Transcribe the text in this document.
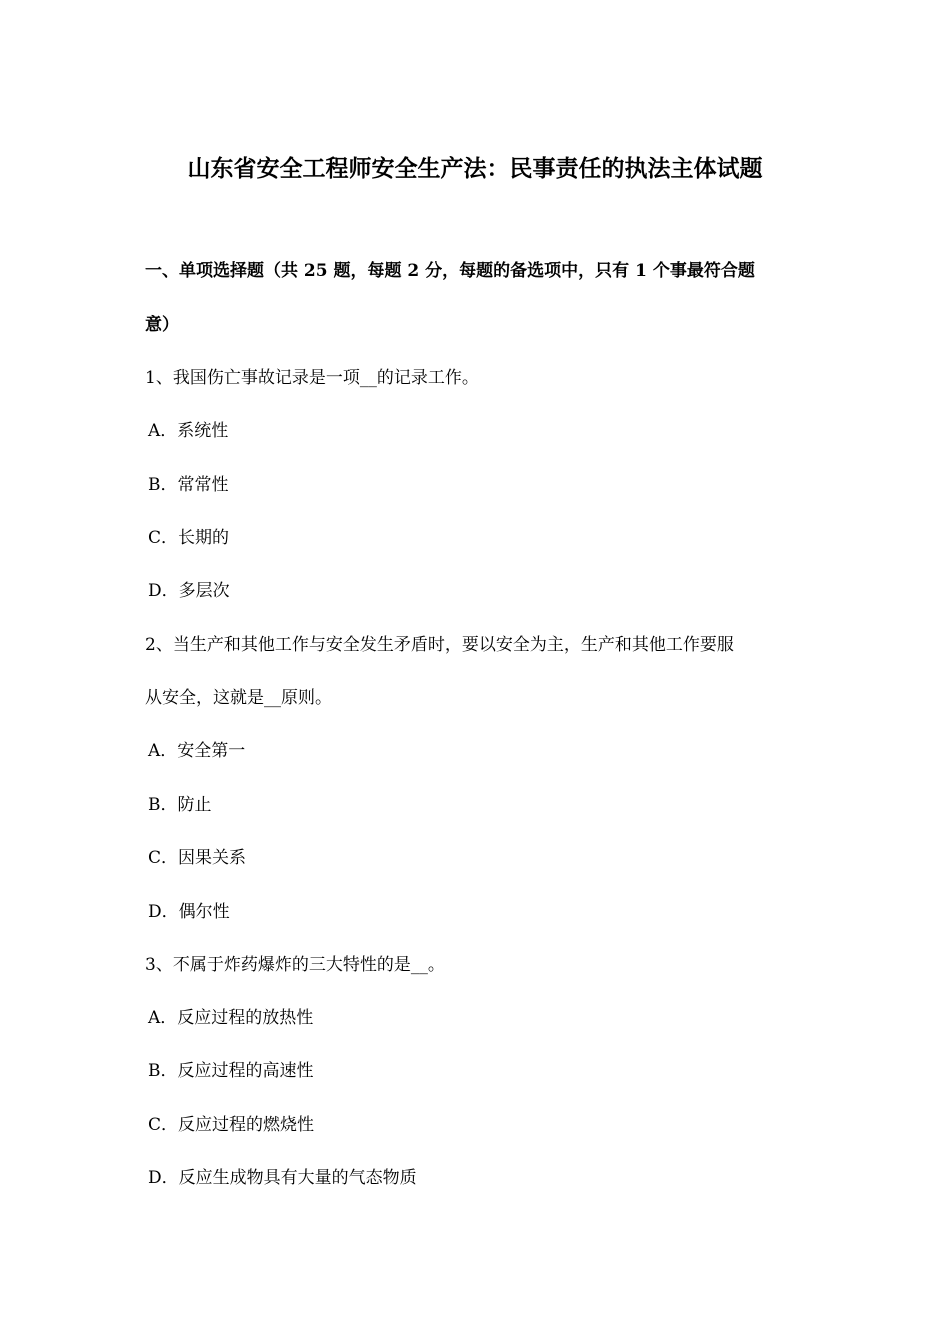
山东省安全工程师安全生产法：民事责任的执法主体试题
一、单项选择题（共 25 题，每题 2 分，每题的备选项中，只有 1 个事最符合题
意）
1、我国伤亡事故记录是一项__的记录工作。
A．系统性
B．常常性
C．长期的
D．多层次
2、当生产和其他工作与安全发生矛盾时，要以安全为主，生产和其他工作要服
从安全，这就是__原则。
A．安全第一
B．防止
C．因果关系
D．偶尔性
3、不属于炸药爆炸的三大特性的是__。
A．反应过程的放热性
B．反应过程的高速性
C．反应过程的燃烧性
D．反应生成物具有大量的气态物质
